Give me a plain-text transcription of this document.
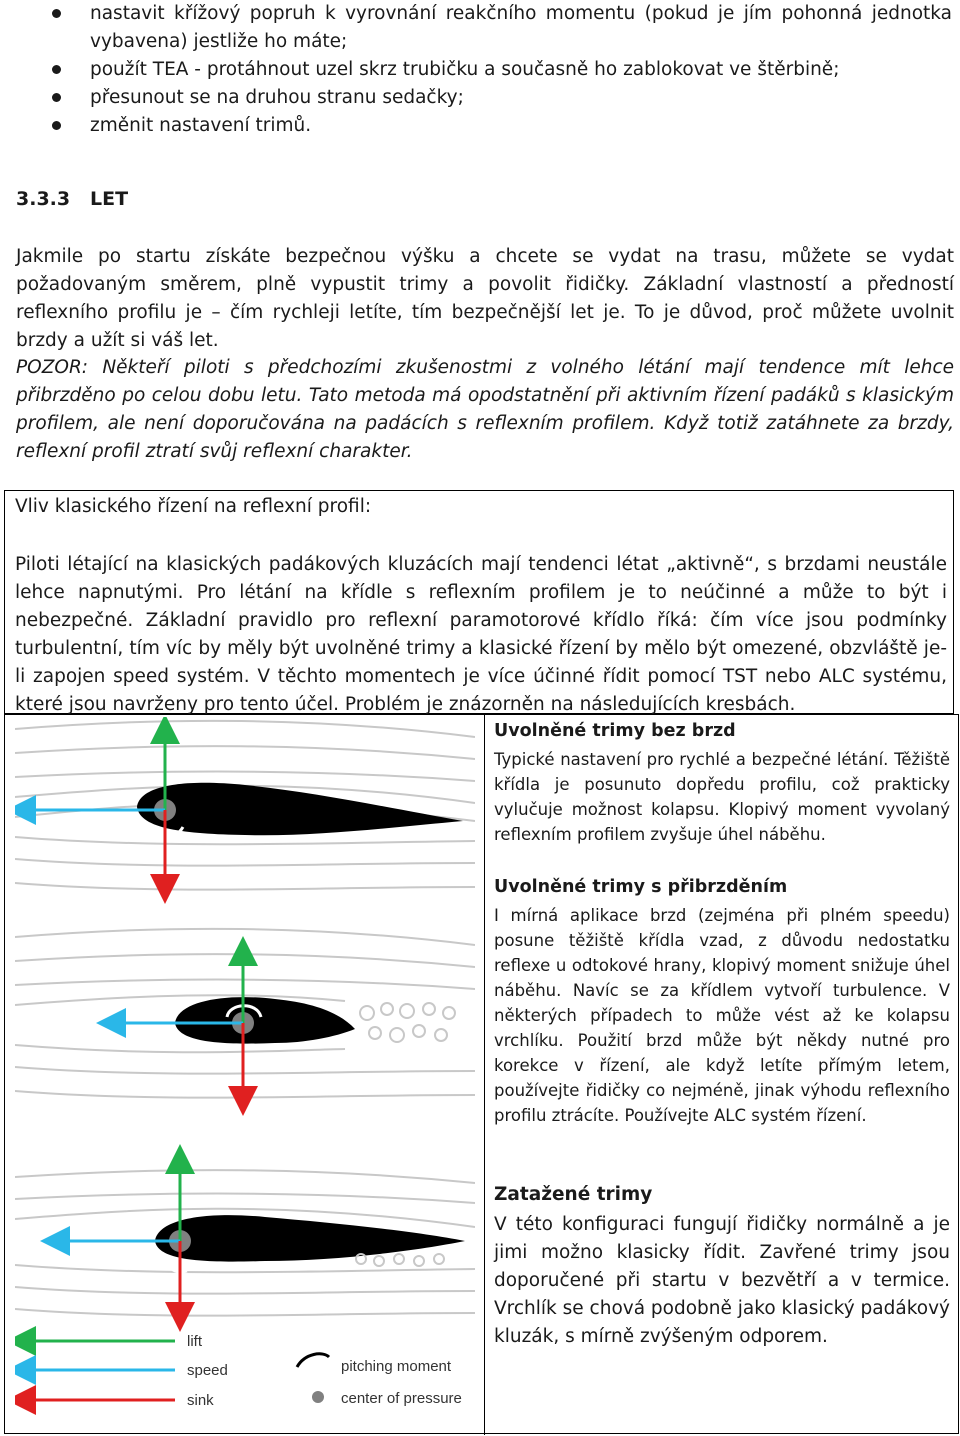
nastavit křížový popruh k vyrovnání reakčního momentu (pokud je jím pohonná jednotka vybavena) jestliže ho máte;
použít TEA - protáhnout uzel skrz trubičku a současně ho zablokovat ve štěrbině;
přesunout se na druhou stranu sedačky;
změnit nastavení trimů.
3.3.3 LET

Jakmile po startu získáte bezpečnou výšku a chcete se vydat na trasu, můžete se vydat požadovaným směrem, plně vypustit trimy a povolit řidičky. Základní vlastností a předností reflexního profilu je – čím rychleji letíte, tím bezpečnější let je. To je důvod, proč můžete uvolnit brzdy a užít si váš let.

POZOR: Někteří piloti s předchozími zkušenostmi z volného létání mají tendence mít lehce přibrzděno po celou dobu letu. Tato metoda má opodstatnění při aktivním řízení padáků s klasickým profilem, ale není doporučována na padácích s reflexním profilem. Když totiž zatáhnete za brzdy, reflexní profil ztratí svůj reflexní charakter.

Vliv klasického řízení na reflexní profil:

Piloti létající na klasických padákových kluzácích mají tendenci létat „aktivně“, s brzdami neustále lehce napnutými. Pro létání na křídle s reflexním profilem je to neúčinné a může to být i nebezpečné. Základní pravidlo pro reflexní paramotorové křídlo říká: čím více jsou podmínky turbulentní, tím víc by měly být uvolněné trimy a klasické řízení by mělo být omezené, obzvláště je-li zapojen speed systém. V těchto momentech je více účinné řídit pomocí TST nebo ALC systému, které jsou navrženy pro tento účel. Problém je znázorněn na následujících kresbách.

lift
speed
sink
pitching moment
center of pressure
Uvolněné trimy bez brzd

Typické nastavení pro rychlé a bezpečné létání. Těžiště křídla je posunuto dopředu profilu, což prakticky vylučuje možnost kolapsu. Klopivý moment vyvolaný reflexním profilem zvyšuje úhel náběhu.

Uvolněné trimy s přibrzděním

I mírná aplikace brzd (zejména při plném speedu) posune těžiště křídla vzad, z důvodu nedostatku reflexe u odtokové hrany, klopivý moment snižuje úhel náběhu. Navíc se za křídlem vytvoří turbulence. V některých případech to může vést až ke kolapsu vrchlíku. Použití brzd může být někdy nutné pro korekce v řízení, ale když letíte přímým letem, používejte řidičky co nejméně, jinak výhodu reflexního profilu ztrácíte. Používejte ALC systém řízení.

Zatažené trimy

V této konfiguraci fungují řidičky normálně a je jimi možno klasicky řídit. Zavřené trimy jsou doporučené při startu v bezvětří a v termice. Vrchlík se chová podobně jako klasický padákový kluzák, s mírně zvýšeným odporem.
